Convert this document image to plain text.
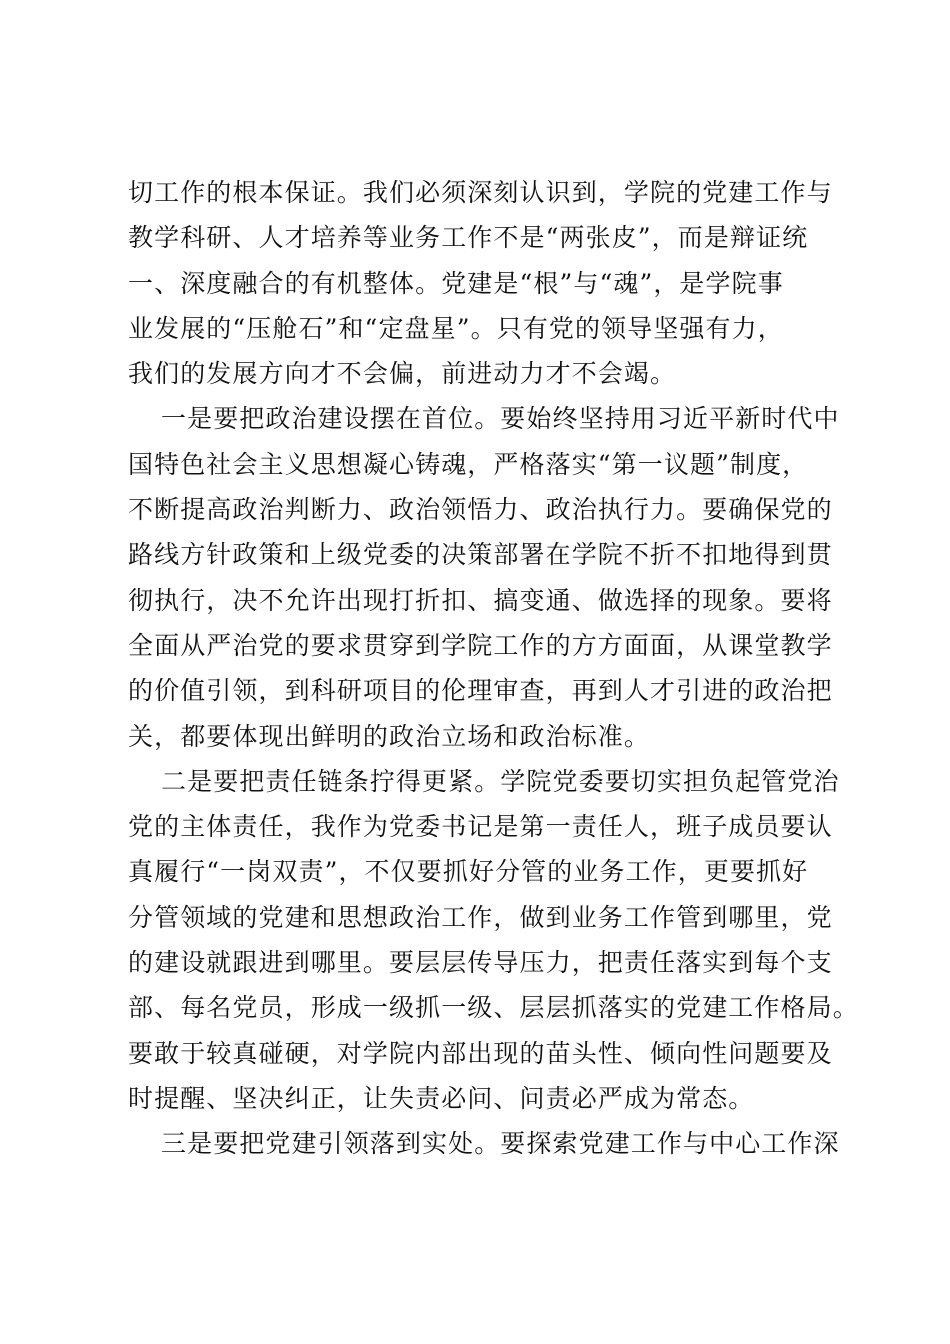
切工作的根本保证。我们必须深刻认识到，学院的党建工作与
教学科研、人才培养等业务工作不是“两张皮”，而是辩证统
一、深度融合的有机整体。党建是“根”与“魂”，是学院事
业发展的“压舱石”和“定盘星”。只有党的领导坚强有力，
我们的发展方向才不会偏，前进动力才不会竭。
一是要把政治建设摆在首位。要始终坚持用习近平新时代中
国特色社会主义思想凝心铸魂，严格落实“第一议题”制度，
不断提高政治判断力、政治领悟力、政治执行力。要确保党的
路线方针政策和上级党委的决策部署在学院不折不扣地得到贯
彻执行，决不允许出现打折扣、搞变通、做选择的现象。要将
全面从严治党的要求贯穿到学院工作的方方面面，从课堂教学
的价值引领，到科研项目的伦理审查，再到人才引进的政治把
关，都要体现出鲜明的政治立场和政治标准。
二是要把责任链条拧得更紧。学院党委要切实担负起管党治
党的主体责任，我作为党委书记是第一责任人，班子成员要认
真履行“一岗双责”，不仅要抓好分管的业务工作，更要抓好
分管领域的党建和思想政治工作，做到业务工作管到哪里，党
的建设就跟进到哪里。要层层传导压力，把责任落实到每个支
部、每名党员，形成一级抓一级、层层抓落实的党建工作格局。
要敢于较真碰硬，对学院内部出现的苗头性、倾向性问题要及
时提醒、坚决纠正，让失责必问、问责必严成为常态。
三是要把党建引领落到实处。要探索党建工作与中心工作深
